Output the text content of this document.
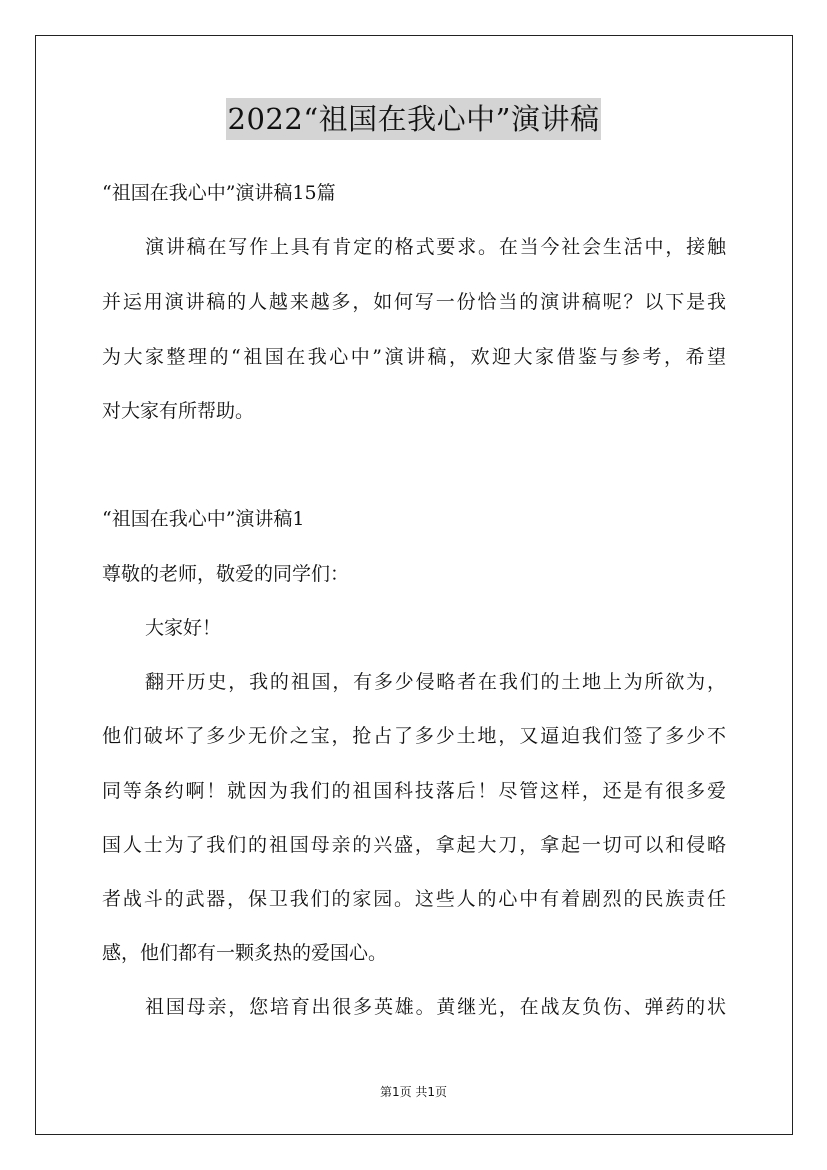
2022“祖国在我心中”演讲稿
“祖国在我心中”演讲稿15篇
演讲稿在写作上具有肯定的格式要求。在当今社会生活中，接触
并运用演讲稿的人越来越多，如何写一份恰当的演讲稿呢？以下是我
为大家整理的“祖国在我心中”演讲稿，欢迎大家借鉴与参考，希望
对大家有所帮助。
“祖国在我心中”演讲稿1
尊敬的老师，敬爱的同学们：
大家好！
翻开历史，我的祖国，有多少侵略者在我们的土地上为所欲为，
他们破坏了多少无价之宝，抢占了多少土地，又逼迫我们签了多少不
同等条约啊！就因为我们的祖国科技落后！尽管这样，还是有很多爱
国人士为了我们的祖国母亲的兴盛，拿起大刀，拿起一切可以和侵略
者战斗的武器，保卫我们的家园。这些人的心中有着剧烈的民族责任
感，他们都有一颗炙热的爱国心。
祖国母亲，您培育出很多英雄。黄继光，在战友负伤、弹药的状
第1页 共1页
